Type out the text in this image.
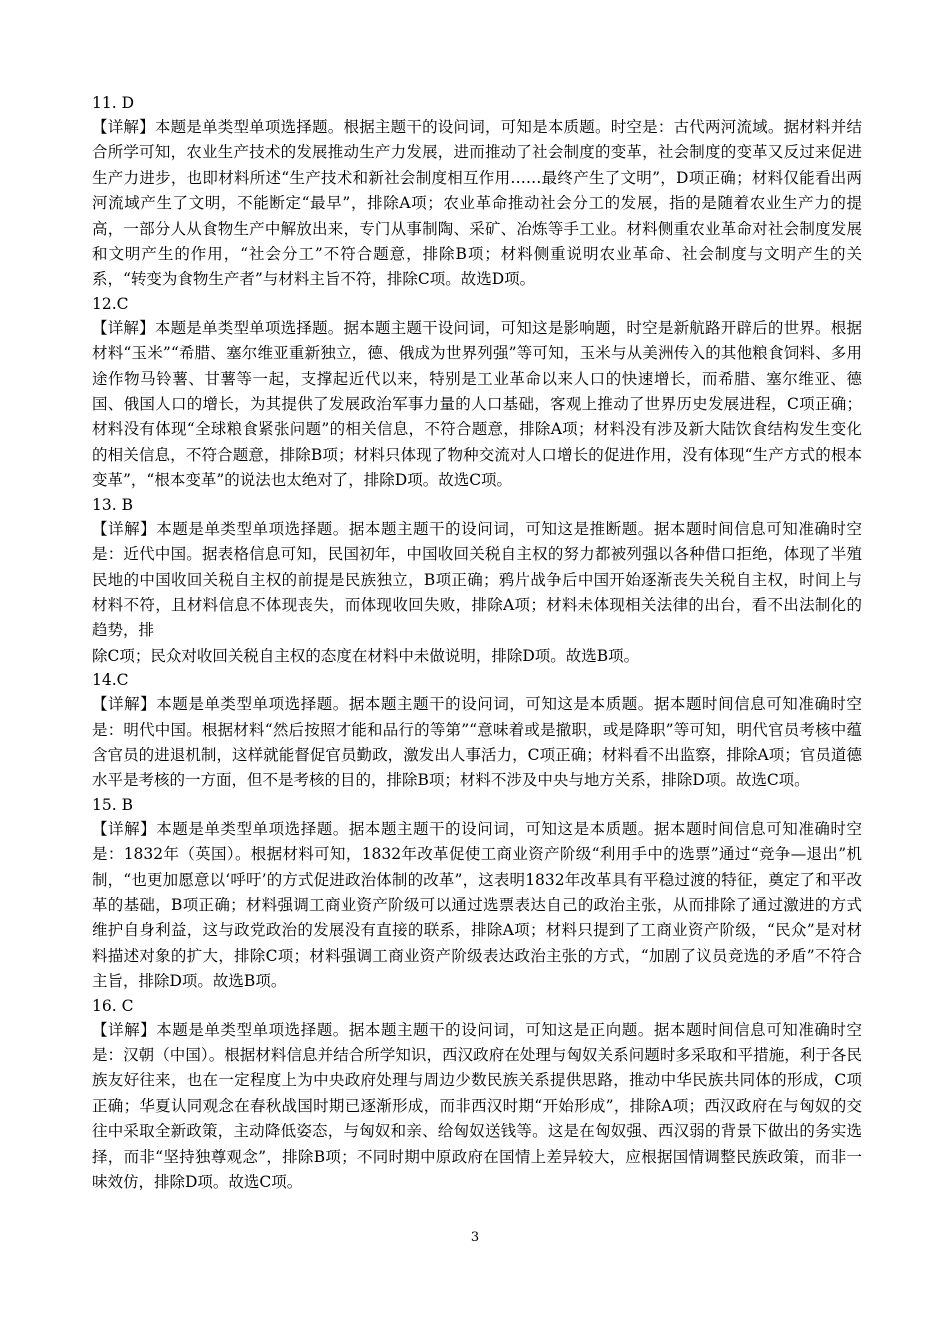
11. D

【详解】本题是单类型单项选择题。根据主题干的设问词，可知是本质题。时空是：古代两河流域。据材料并结合所学可知，农业生产技术的发展推动生产力发展，进而推动了社会制度的变革，社会制度的变革又反过来促进生产力进步，也即材料所述“生产技术和新社会制度相互作用……最终产生了文明”，D项正确；材料仅能看出两河流域产生了文明，不能断定“最早”，排除A项；农业革命推动社会分工的发展，指的是随着农业生产力的提高，一部分人从食物生产中解放出来，专门从事制陶、采矿、冶炼等手工业。材料侧重农业革命对社会制度发展和文明产生的作用，“社会分工”不符合题意，排除B项；材料侧重说明农业革命、社会制度与文明产生的关系，“转变为食物生产者”与材料主旨不符，排除C项。故选D项。

12.C

【详解】本题是单类型单项选择题。据本题主题干设问词，可知这是影响题，时空是新航路开辟后的世界。根据材料“玉米”“希腊、塞尔维亚重新独立，德、俄成为世界列强”等可知，玉米与从美洲传入的其他粮食饲料、多用途作物马铃薯、甘薯等一起，支撑起近代以来，特别是工业革命以来人口的快速增长，而希腊、塞尔维亚、德国、俄国人口的增长，为其提供了发展政治军事力量的人口基础，客观上推动了世界历史发展进程，C项正确；材料没有体现“全球粮食紧张问题”的相关信息，不符合题意，排除A项；材料没有涉及新大陆饮食结构发生变化的相关信息，不符合题意，排除B项；材料只体现了物种交流对人口增长的促进作用，没有体现“生产方式的根本变革”，“根本变革”的说法也太绝对了，排除D项。故选C项。

13. B

【详解】本题是单类型单项选择题。据本题主题干的设问词，可知这是推断题。据本题时间信息可知准确时空是：近代中国。据表格信息可知，民国初年，中国收回关税自主权的努力都被列强以各种借口拒绝，体现了半殖民地的中国收回关税自主权的前提是民族独立，B项正确；鸦片战争后中国开始逐渐丧失关税自主权，时间上与材料不符，且材料信息不体现丧失，而体现收回失败，排除A项；材料未体现相关法律的出台，看不出法制化的趋势，排

除C项；民众对收回关税自主权的态度在材料中未做说明，排除D项。故选B项。

14.C

【详解】本题是单类型单项选择题。据本题主题干的设问词，可知这是本质题。据本题时间信息可知准确时空是：明代中国。根据材料“然后按照才能和品行的等第”“意味着或是撤职，或是降职”等可知，明代官员考核中蕴含官员的进退机制，这样就能督促官员勤政，激发出人事活力，C项正确；材料看不出监察，排除A项；官员道德水平是考核的一方面，但不是考核的目的，排除B项；材料不涉及中央与地方关系，排除D项。故选C项。

15. B

【详解】本题是单类型单项选择题。据本题主题干的设问词，可知这是本质题。据本题时间信息可知准确时空是：1832年（英国）。根据材料可知，1832年改革促使工商业资产阶级“利用手中的选票”通过“竞争—退出”机制，“也更加愿意以‘呼吁’的方式促进政治体制的改革”，这表明1832年改革具有平稳过渡的特征，奠定了和平改革的基础，B项正确；材料强调工商业资产阶级可以通过选票表达自己的政治主张，从而排除了通过激进的方式维护自身利益，这与政党政治的发展没有直接的联系，排除A项；材料只提到了工商业资产阶级，“民众”是对材料描述对象的扩大，排除C项；材料强调工商业资产阶级表达政治主张的方式，“加剧了议员竞选的矛盾”不符合主旨，排除D项。故选B项。

16. C

【详解】本题是单类型单项选择题。据本题主题干的设问词，可知这是正向题。据本题时间信息可知准确时空是：汉朝（中国）。根据材料信息并结合所学知识，西汉政府在处理与匈奴关系问题时多采取和平措施，利于各民族友好往来，也在一定程度上为中央政府处理与周边少数民族关系提供思路，推动中华民族共同体的形成，C项正确；华夏认同观念在春秋战国时期已逐渐形成，而非西汉时期“开始形成”，排除A项；西汉政府在与匈奴的交往中采取全新政策，主动降低姿态，与匈奴和亲、给匈奴送钱等。这是在匈奴强、西汉弱的背景下做出的务实选择，而非“坚持独尊观念”，排除B项；不同时期中原政府在国情上差异较大，应根据国情调整民族政策，而非一味效仿，排除D项。故选C项。

3
